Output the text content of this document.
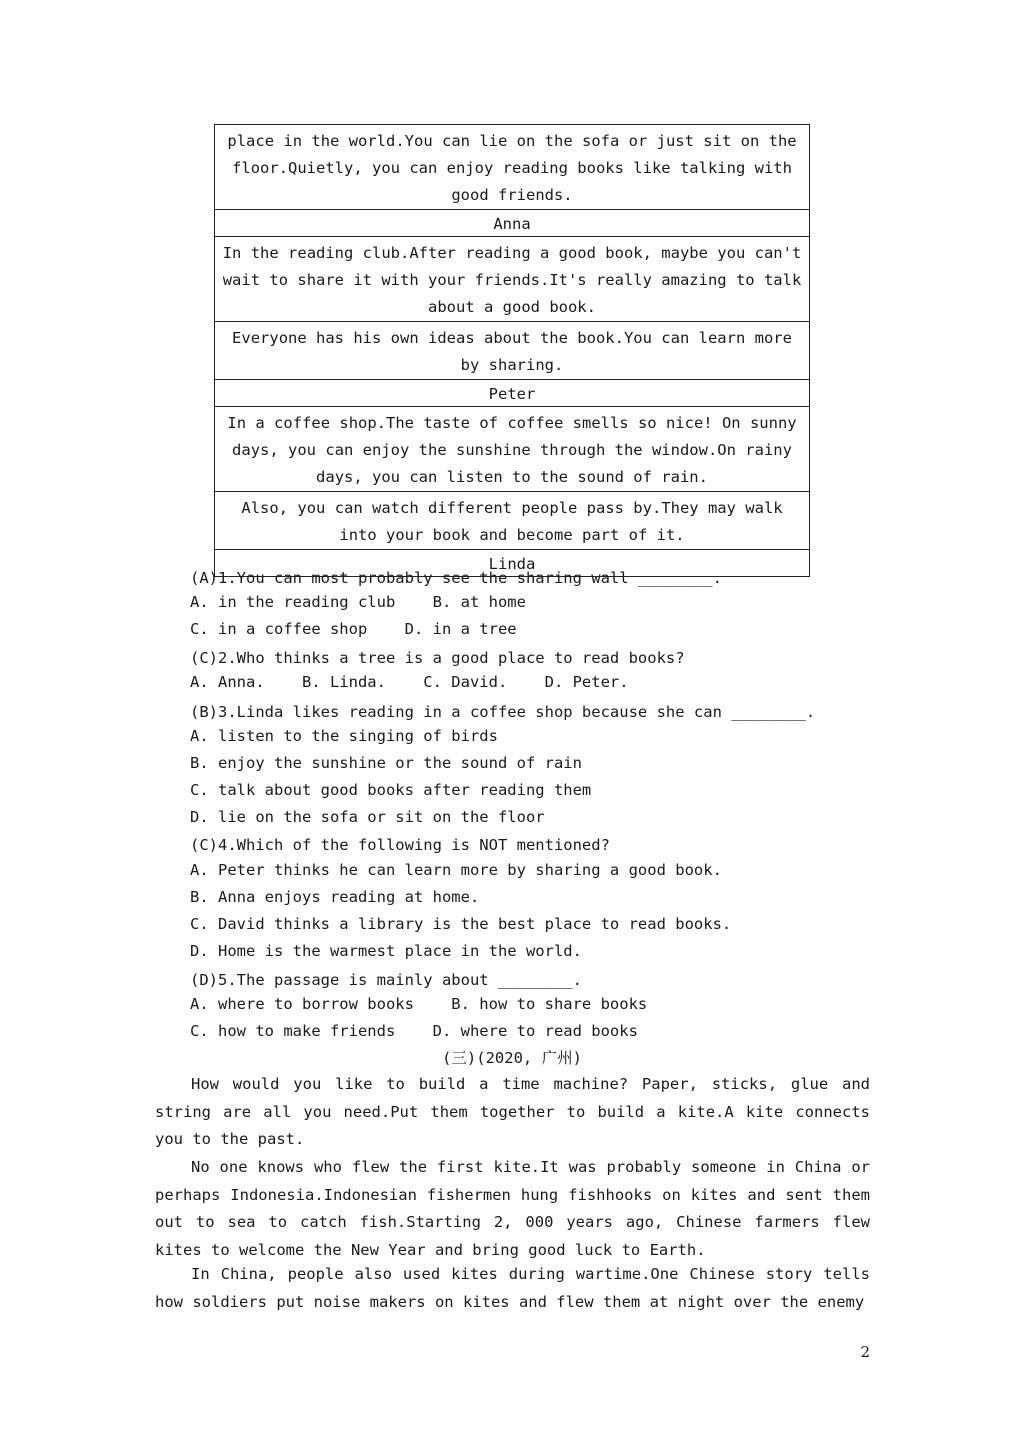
place in the world.You can lie on the sofa or just sit on the floor.Quietly, you can enjoy reading books like talking with good friends.
Anna
In the reading club.After reading a good book, maybe you can't wait to share it with your friends.It's really amazing to talk about a good book.
Everyone has his own ideas about the book.You can learn more by sharing.
Peter
In a coffee shop.The taste of coffee smells so nice! On sunny days, you can enjoy the sunshine through the window.On rainy days, you can listen to the sound of rain.
Also, you can watch different people pass by.They may walk into your book and become part of it.
Linda
(A)1.You can most probably see the sharing wall ________.
A. in the reading club    B. at home
C. in a coffee shop    D. in a tree
(C)2.Who thinks a tree is a good place to read books?
A. Anna.    B. Linda.    C. David.    D. Peter.
(B)3.Linda likes reading in a coffee shop because she can ________.
A. listen to the singing of birds
B. enjoy the sunshine or the sound of rain
C. talk about good books after reading them
D. lie on the sofa or sit on the floor
(C)4.Which of the following is NOT mentioned?
A. Peter thinks he can learn more by sharing a good book.
B. Anna enjoys reading at home.
C. David thinks a library is the best place to read books.
D. Home is the warmest place in the world.
(D)5.The passage is mainly about ________.
A. where to borrow books    B. how to share books
C. how to make friends    D. where to read books
(三)(2020, 广州)
How would you like to build a time machine? Paper, sticks, glue and string are all you need.Put them together to build a kite.A kite connects you to the past.
No one knows who flew the first kite.It was probably someone in China or perhaps Indonesia.Indonesian fishermen hung fishhooks on kites and sent them out to sea to catch fish.Starting 2, 000 years ago, Chinese farmers flew kites to welcome the New Year and bring good luck to Earth.
In China, people also used kites during wartime.One Chinese story tells how soldiers put noise makers on kites and flew them at night over the enemy
2
